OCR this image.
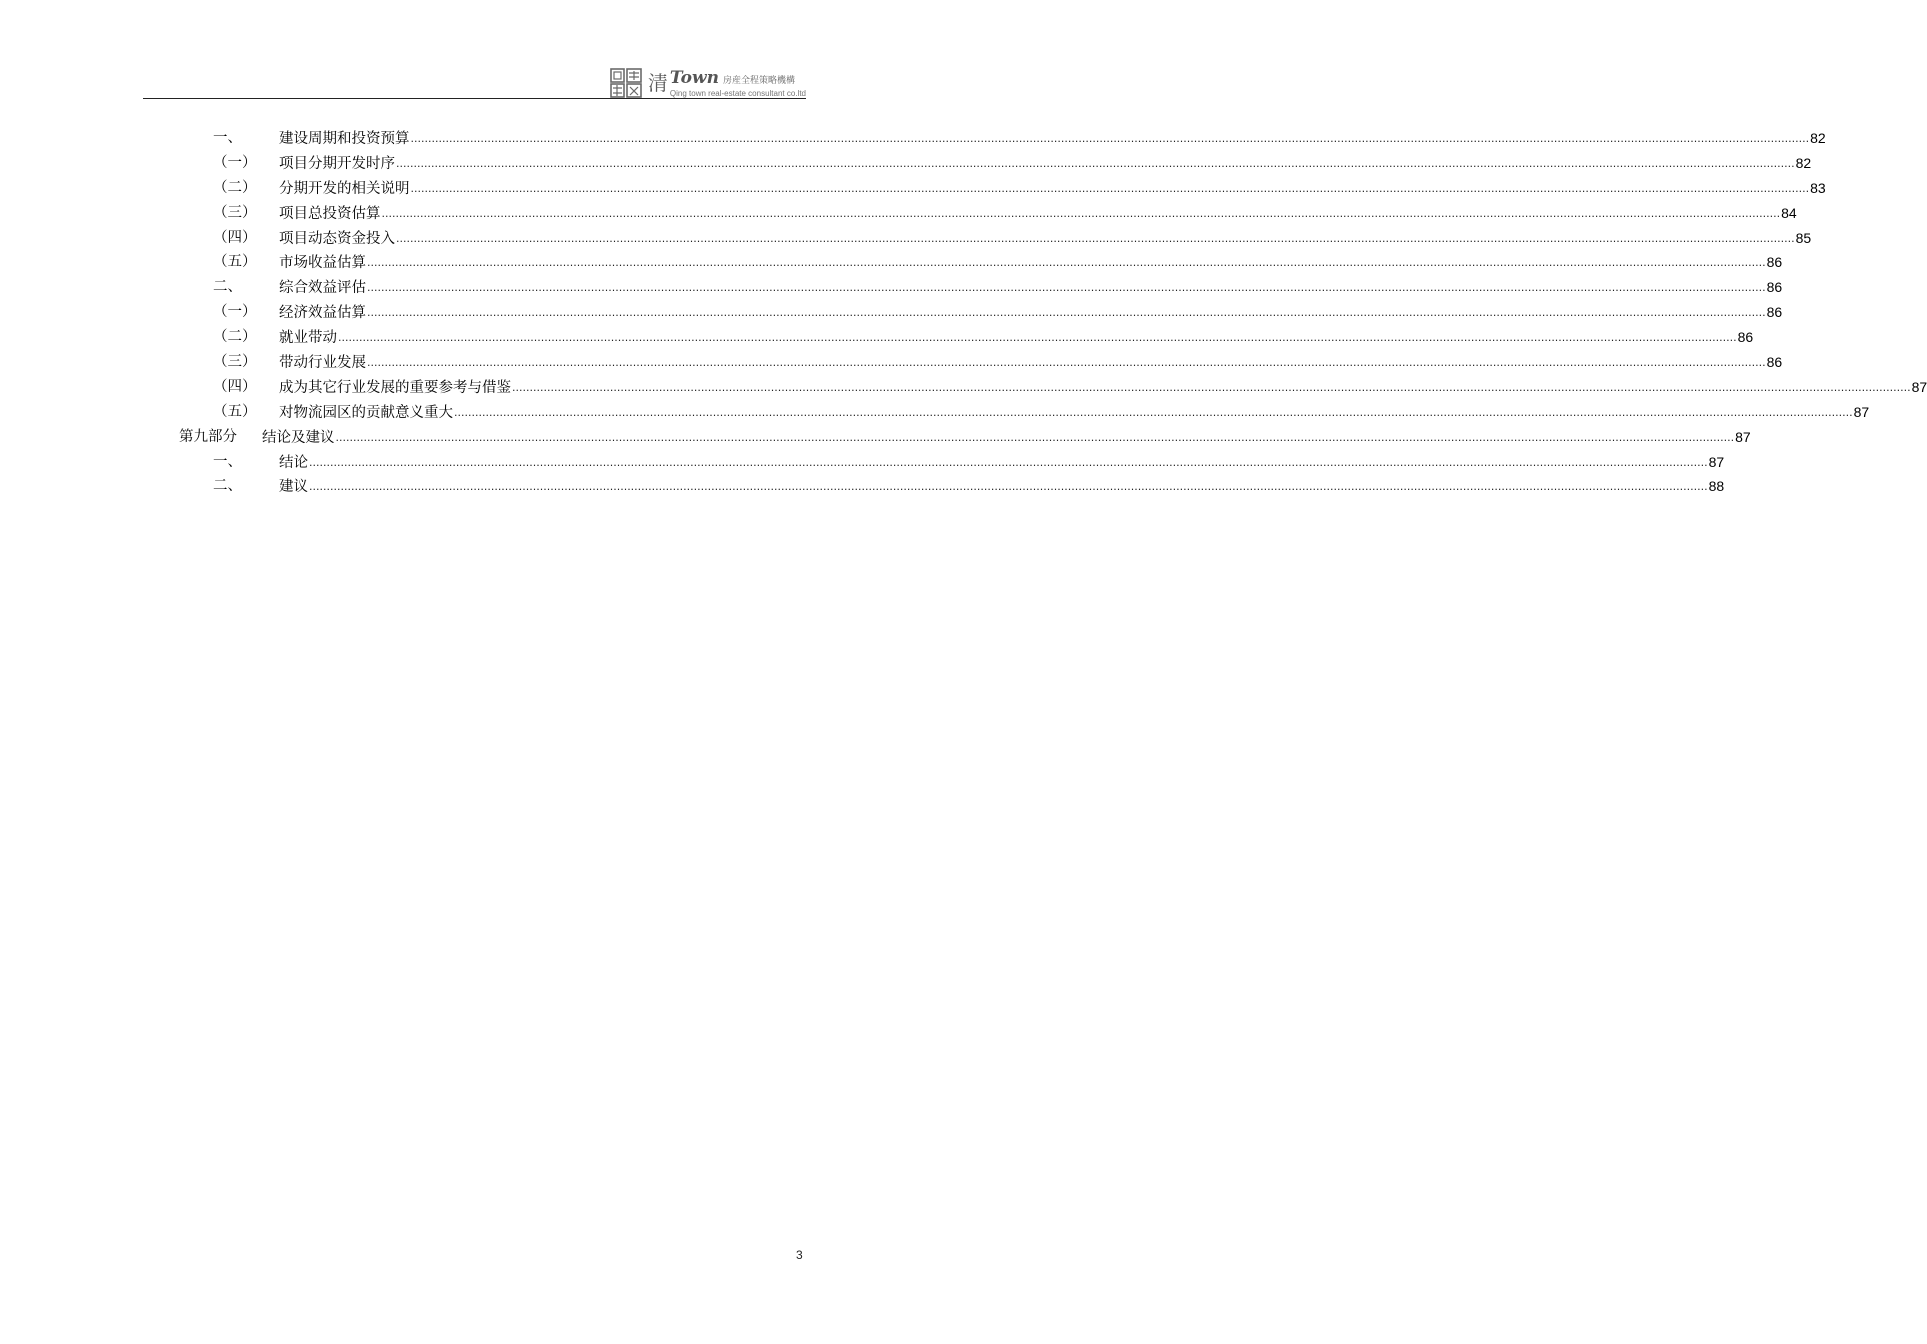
清 Town 房産全程策略機構
Qing town real-estate consultant co.ltd
一、	建设周期和投资预算 ................................................................................................................................................................................................................................................................................................................................................................................................................ 82
（一） 项目分期开发时序 ................................................................................................................................................................................................................................................................................................................................................................................................................ 82
（二） 分期开发的相关说明 ................................................................................................................................................................................................................................................................................................................................................................................................................ 83
（三） 项目总投资估算 ................................................................................................................................................................................................................................................................................................................................................................................................................ 84
（四） 项目动态资金投入 ................................................................................................................................................................................................................................................................................................................................................................................................................ 85
（五） 市场收益估算 ................................................................................................................................................................................................................................................................................................................................................................................................................ 86
二、	综合效益评估 ................................................................................................................................................................................................................................................................................................................................................................................................................ 86
（一） 经济效益估算 ................................................................................................................................................................................................................................................................................................................................................................................................................ 86
（二） 就业带动 ................................................................................................................................................................................................................................................................................................................................................................................................................ 86
（三） 带动行业发展 ................................................................................................................................................................................................................................................................................................................................................................................................................ 86
（四） 成为其它行业发展的重要参考与借鉴 ................................................................................................................................................................................................................................................................................................................................................................................................................ 87
（五） 对物流园区的贡献意义重大 ................................................................................................................................................................................................................................................................................................................................................................................................................ 87
第九部分 结论及建议 ................................................................................................................................................................................................................................................................................................................................................................................................................ 87
一、	结论 ................................................................................................................................................................................................................................................................................................................................................................................................................ 87
二、	建议 ................................................................................................................................................................................................................................................................................................................................................................................................................ 88
3
